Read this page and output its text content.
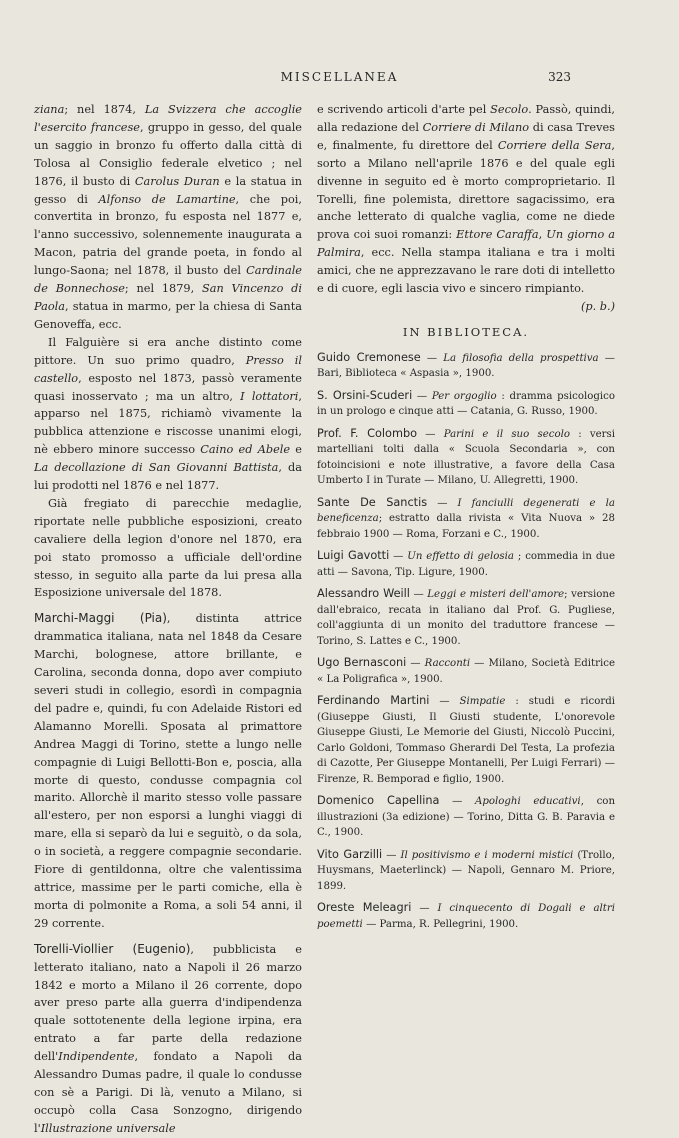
MISCELLANEA	323

ziana; nel 1874, La Svizzera che accoglie l'esercito francese, gruppo in gesso, del quale un saggio in bronzo fu offerto dalla città di Tolosa al Consiglio federale elvetico ; nel 1876, il busto di Carolus Duran e la statua in gesso di Alfonso de Lamartine, che poi, convertita in bronzo, fu esposta nel 1877 e, l'anno successivo, solennemente inaugurata a Macon, patria del grande poeta, in fondo al lungo-Saona; nel 1878, il busto del Cardinale de Bonnechose; nel 1879, San Vincenzo di Paola, statua in marmo, per la chiesa di Santa Genoveffa, ecc.

Il Falguière si era anche distinto come pittore. Un suo primo quadro, Presso il castello, esposto nel 1873, passò veramente quasi inosservato ; ma un altro, I lottatori, apparso nel 1875, richiamò vivamente la pubblica attenzione e riscosse unanimi elogi, nè ebbero minore successo Caino ed Abele e La decollazione di San Giovanni Battista, da lui prodotti nel 1876 e nel 1877.

Già fregiato di parecchie medaglie, riportate nelle pubbliche esposizioni, creato cavaliere della legion d'onore nel 1870, era poi stato promosso a ufficiale dell'ordine stesso, in seguito alla parte da lui presa alla Esposizione universale del 1878.

Marchi-Maggi (Pia), distinta attrice drammatica italiana, nata nel 1848 da Cesare Marchi, bolognese, attore brillante, e Carolina, seconda donna, dopo aver compiuto severi studi in collegio, esordì in compagnia del padre e, quindi, fu con Adelaide Ristori ed Alamanno Morelli. Sposata al primattore Andrea Maggi di Torino, stette a lungo nelle compagnie di Luigi Bellotti-Bon e, poscia, alla morte di questo, condusse compagnia col marito. Allorchè il marito stesso volle passare all'estero, per non esporsi a lunghi viaggi di mare, ella si separò da lui e seguitò, o da sola, o in società, a reggere compagnie secondarie. Fiore di gentildonna, oltre che valentissima attrice, massime per le parti comiche, ella è morta di polmonite a Roma, a soli 54 anni, il 29 corrente.

Torelli-Viollier (Eugenio), pubblicista e letterato italiano, nato a Napoli il 26 marzo 1842 e morto a Milano il 26 corrente, dopo aver preso parte alla guerra d'indipendenza quale sottotenente della legione irpina, era entrato a far parte della redazione dell'Indipendente, fondato a Napoli da Alessandro Dumas padre, il quale lo condusse con sè a Parigi. Di là, venuto a Milano, si occupò colla Casa Sonzogno, dirigendo l'Illustrazione universale

e scrivendo articoli d'arte pel Secolo. Passò, quindi, alla redazione del Corriere di Milano di casa Treves e, finalmente, fu direttore del Corriere della Sera, sorto a Milano nell'aprile 1876 e del quale egli divenne in seguito ed è morto comproprietario. Il Torelli, fine polemista, direttore sagacissimo, era anche letterato di qualche vaglia, come ne diede prova coi suoi romanzi: Ettore Caraffa, Un giorno a Palmira, ecc. Nella stampa italiana e tra i molti amici, che ne apprezzavano le rare doti di intelletto e di cuore, egli lascia vivo e sincero rimpianto.

(p. b.)

IN BIBLIOTECA.

Guido Cremonese — La filosofia della prospettiva — Bari, Biblioteca « Aspasia », 1900.

S. Orsini-Scuderi — Per orgoglio : dramma psicologico in un prologo e cinque atti — Catania, G. Russo, 1900.

Prof. F. Colombo — Parini e il suo secolo : versi martelliani tolti dalla « Scuola Secondaria », con fotoincisioni e note illustrative, a favore della Casa Umberto I in Turate — Milano, U. Allegretti, 1900.

Sante De Sanctis — I fanciulli degenerati e la beneficenza; estratto dalla rivista « Vita Nuova » 28 febbraio 1900 — Roma, Forzani e C., 1900.

Luigi Gavotti — Un effetto di gelosia ; commedia in due atti — Savona, Tip. Ligure, 1900.

Alessandro Weill — Leggi e misteri dell'amore; versione dall'ebraico, recata in italiano dal Prof. G. Pugliese, coll'aggiunta di un monito del traduttore francese — Torino, S. Lattes e C., 1900.

Ugo Bernasconi — Racconti — Milano, Società Editrice « La Poligrafica », 1900.

Ferdinando Martini — Simpatie : studi e ricordi (Giuseppe Giusti, Il Giusti studente, L'onorevole Giuseppe Giusti, Le Memorie del Giusti, Niccolò Puccini, Carlo Goldoni, Tommaso Gherardi Del Testa, La profezia di Cazotte, Per Giuseppe Montanelli, Per Luigi Ferrari) — Firenze, R. Bemporad e figlio, 1900.

Domenico Capellina — Apologhi educativi, con illustrazioni (3a edizione) — Torino, Ditta G. B. Paravia e C., 1900.

Vito Garzilli — Il positivismo e i moderni mistici (Trollo, Huysmans, Maeterlinck) — Napoli, Gennaro M. Priore, 1899.

Oreste Meleagri — I cinquecento di Dogali e altri poemetti — Parma, R. Pellegrini, 1900.
